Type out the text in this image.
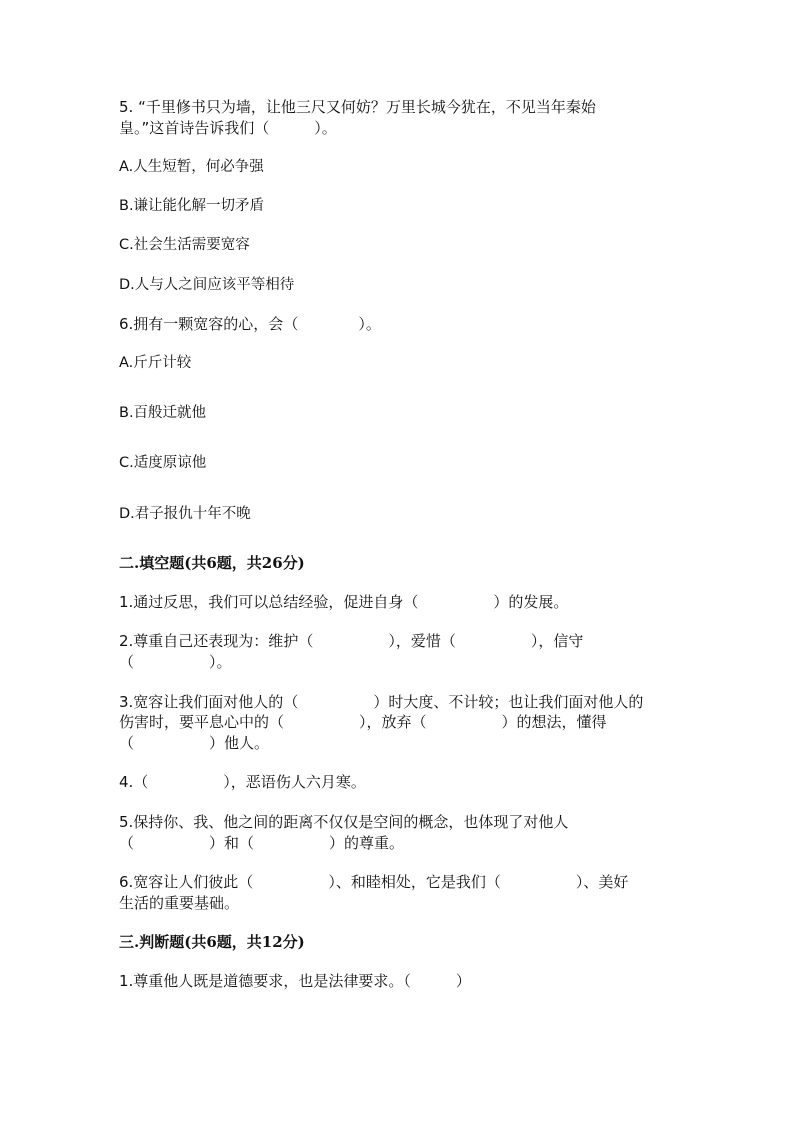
5. “千里修书只为墙，让他三尺又何妨？万里长城今犹在，不见当年秦始
皇。”这首诗告诉我们（　　　）。
A.人生短暂，何必争强
B.谦让能化解一切矛盾
C.社会生活需要宽容
D.人与人之间应该平等相待
6.拥有一颗宽容的心，会（　　　　）。
A.斤斤计较
B.百般迁就他
C.适度原谅他
D.君子报仇十年不晚
二.填空题(共6题，共26分)
1.通过反思，我们可以总结经验，促进自身（　　　　　）的发展。
2.尊重自己还表现为：维护（　　　　　），爱惜（　　　　　），信守
（　　　　　）。
3.宽容让我们面对他人的（　　　　　）时大度、不计较；也让我们面对他人的
伤害时，要平息心中的（　　　　　），放弃（　　　　　）的想法，懂得
（　　　　　）他人。
4.（　　　　　），恶语伤人六月寒。
5.保持你、我、他之间的距离不仅仅是空间的概念，也体现了对他人
（　　　　　）和（　　　　　）的尊重。
6.宽容让人们彼此（　　　　　）、和睦相处，它是我们（　　　　　）、美好
生活的重要基础。
三.判断题(共6题，共12分)
1.尊重他人既是道德要求，也是法律要求。（　　　）
